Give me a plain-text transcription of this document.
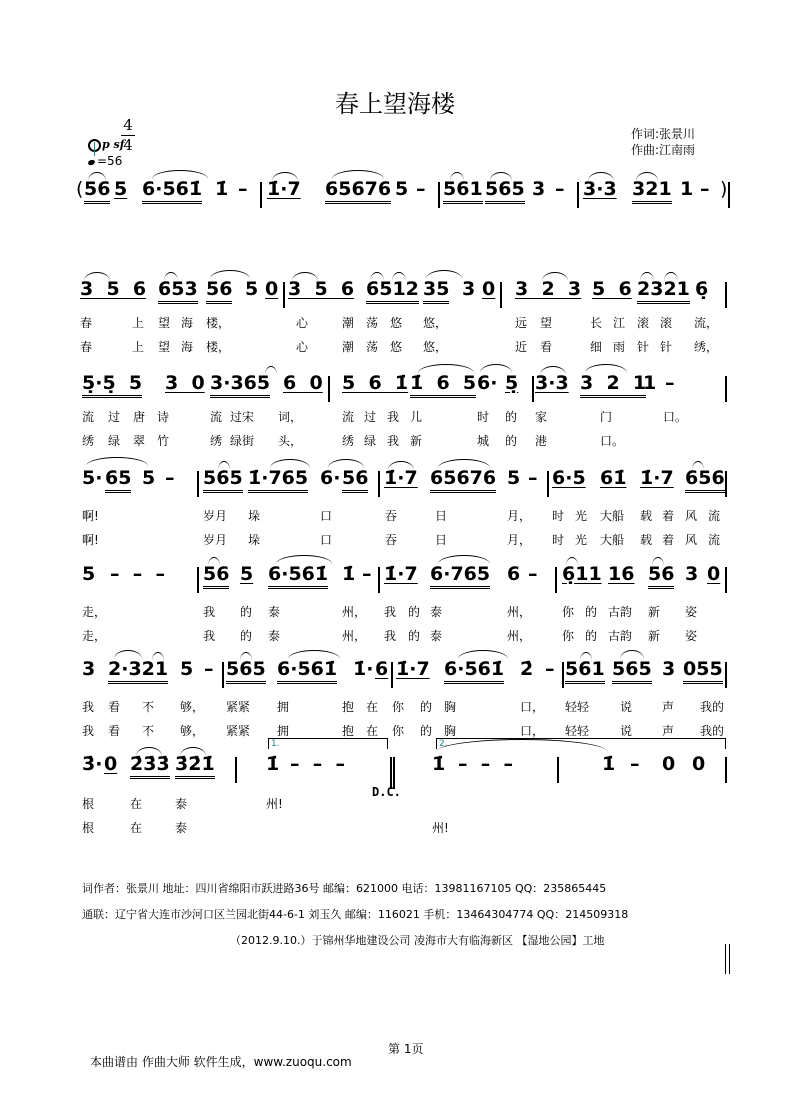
春上望海楼
作词:张景川
作曲:江南雨
4
4
p sf
=56
( 56 5 6·561̇ 1̇ – 1̇·7 65676 5 – 561 565 3 – 3·3 321 1 – )
3  5  6 653 56 5 0 3  5  6 6512 35 3 0 3  2  3 5  6 2321 6̣
春	上 望 海 楼，	心	潮 荡 悠 悠，	远 望	长 江 滚 滚 流，
春	上 望 海 楼，	心	潮 荡 悠 悠，	近 看	细 雨 针 针 绣，
5̣·5̣  5 3  0 3·365 6  0 5  6  1̇ 1̇  6  5 6· 5̣ 3·3 3  2  1
1 –
流 过 唐 诗	流 过宋 词，	流 过 我 儿	时 的 家	门	口。
绣 绿 翠 竹	绣 绿街 头，	绣 绿 我 新	城 的 港	口。
5· 65 5 – 565 1̇·765 6· 56 1̇·7 65676 5 – 6·5 61̇ 1̇·7 656
啊!	岁月 垛	口	吞	日	月， 时 光 大船 载 着 风 流
啊!	岁月 垛	口	吞	日	月， 时 光 大船 载 着 风 流
5 –  –  – 56 5 6·561̇ 1̇ – 1̇·7 6·765 6 – 6̣11 16 56 3 0
走，	我 的 泰	州， 我 的 泰	州，	你 的 古韵 新 姿
走，	我 的 泰	州， 我 的 泰	州，	你 的 古韵 新 姿
3 2·321 5 – 565 6·561̇ 1̇· 6 1̇·7 6·561̇ 2̇ – 561 565 3 055
我 看 不 够， 紧紧 拥	抱 在 你 的 胸	口， 轻轻	说 声 我的
我 看 不 够， 紧紧 拥	抱 在 你 的 胸	口， 轻轻	说 声 我的
1.	2.
3̇· 0 2̇3̇3̇ 3̇2̇1̇	1̇ –  –  –	1̇ –  –  –	1̇ – 0 0
D.C.
根	在	泰	州!
根	在	泰	州!
词作者：张景川 地址：四川省绵阳市跃进路36号 邮编：621000 电话：13981167105 QQ：235865445
通联：辽宁省大连市沙河口区兰园北街44-6-1 刘玉久 邮编：116021 手机：13464304774 QQ：214509318
（2012.9.10.）于锦州华地建设公司 凌海市大有临海新区 【湿地公园】工地
第 1页
本曲谱由 作曲大师 软件生成，www.zuoqu.com
